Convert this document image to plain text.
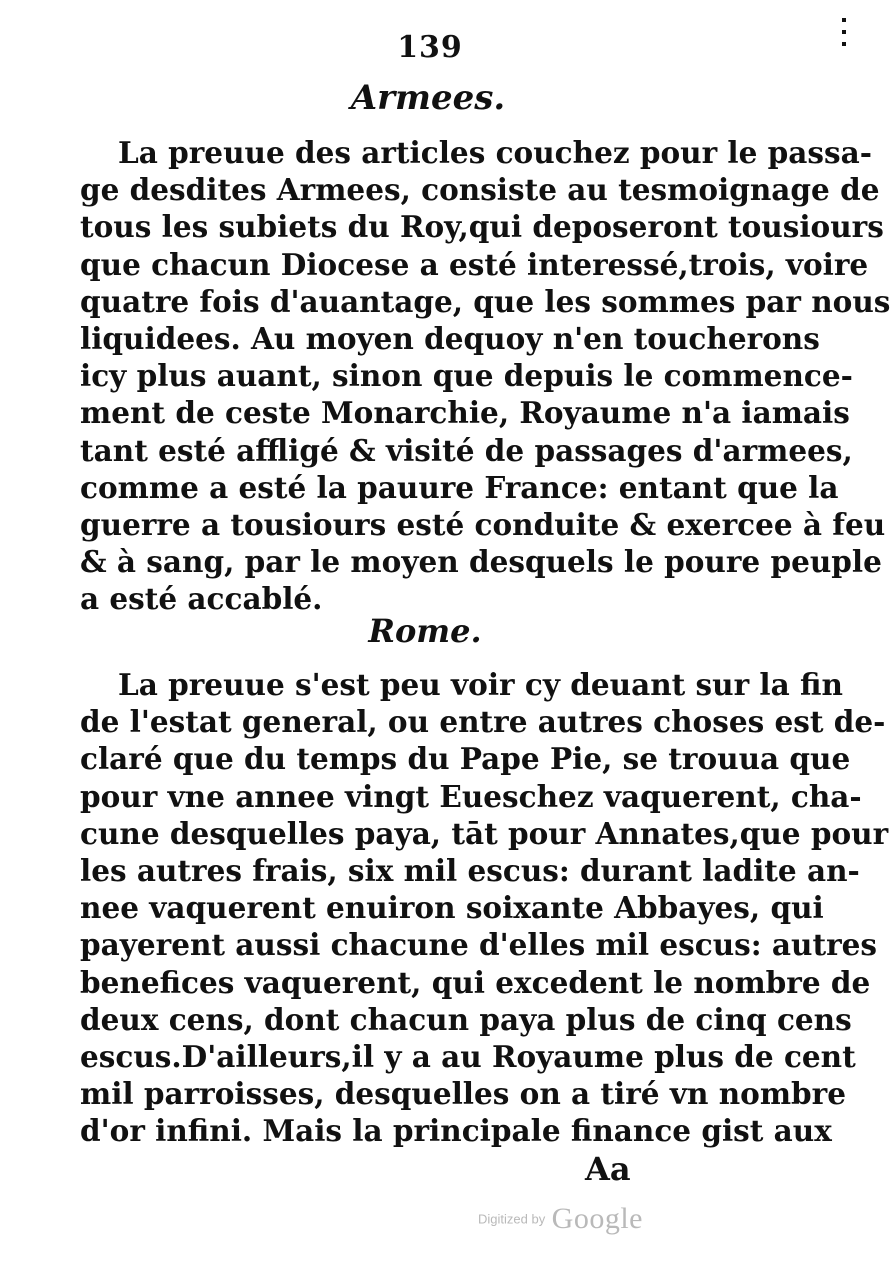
139
Armees.
La preuue des articles couchez pour le passa-
ge desdites Armees, consiste au tesmoignage de
tous les subiets du Roy,qui deposeront tousiours
que chacun Diocese a esté interessé,trois, voire
quatre fois d'auantage, que les sommes par nous
liquidees. Au moyen dequoy n'en toucherons
icy plus auant, sinon que depuis le commence-
ment de ceste Monarchie, Royaume n'a iamais
tant esté affligé & visité de passages d'armees,
comme a esté la pauure France: entant que la
guerre a tousiours esté conduite & exercee à feu
& à sang, par le moyen desquels le poure peuple
a esté accablé.
Rome.
La preuue s'est peu voir cy deuant sur la fin
de l'estat general, ou entre autres choses est de-
claré que du temps du Pape Pie, se trouua que
pour vne annee vingt Eueschez vaquerent, cha-
cune desquelles paya, tāt pour Annates,que pour
les autres frais, six mil escus: durant ladite an-
nee vaquerent enuiron soixante Abbayes, qui
payerent aussi chacune d'elles mil escus: autres
benefices vaquerent, qui excedent le nombre de
deux cens, dont chacun paya plus de cinq cens
escus.D'ailleurs,il y a au Royaume plus de cent
mil parroisses, desquelles on a tiré vn nombre
d'or infini. Mais la principale finance gist aux
Aa
Digitized by Google
